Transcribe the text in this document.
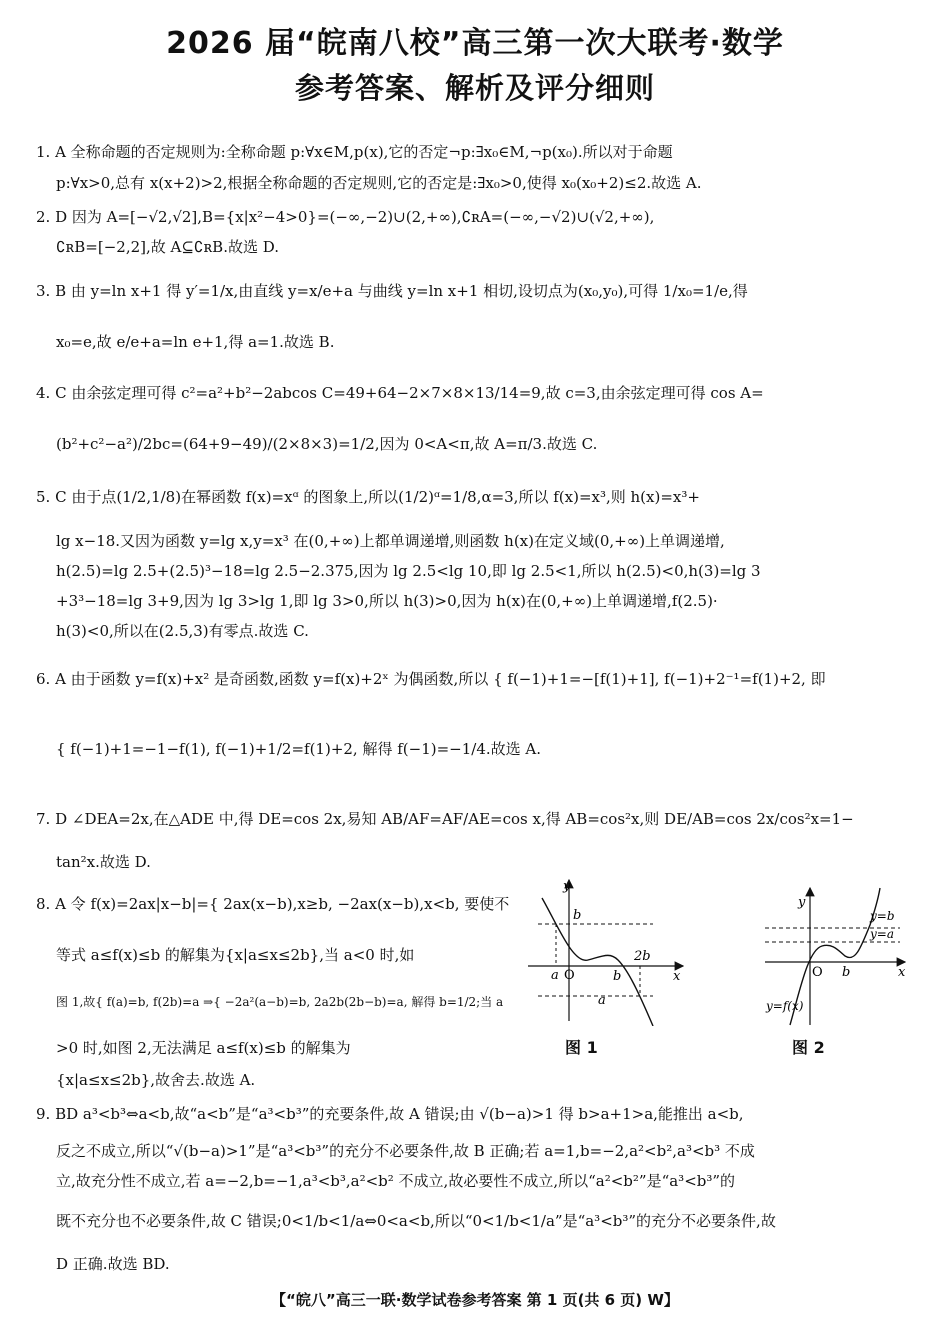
2026 届“皖南八校”高三第一次大联考·数学
参考答案、解析及评分细则
1. A 全称命题的否定规则为:全称命题 p:∀x∈M,p(x),它的否定¬p:∃x₀∈M,¬p(x₀).所以对于命题
p:∀x>0,总有 x(x+2)>2,根据全称命题的否定规则,它的否定是:∃x₀>0,使得 x₀(x₀+2)≤2.故选 A.
2. D 因为 A=[−√2,√2],B={x|x²−4>0}=(−∞,−2)∪(2,+∞),∁ʀA=(−∞,−√2)∪(√2,+∞),
∁ʀB=[−2,2],故 A⊆∁ʀB.故选 D.
3. B 由 y=ln x+1 得 y′=1/x,由直线 y=x/e+a 与曲线 y=ln x+1 相切,设切点为(x₀,y₀),可得 1/x₀=1/e,得
x₀=e,故 e/e+a=ln e+1,得 a=1.故选 B.
4. C 由余弦定理可得 c²=a²+b²−2abcos C=49+64−2×7×8×13/14=9,故 c=3,由余弦定理可得 cos A=
(b²+c²−a²)/2bc=(64+9−49)/(2×8×3)=1/2,因为 0<A<π,故 A=π/3.故选 C.
5. C 由于点(1/2,1/8)在幂函数 f(x)=xᵅ 的图象上,所以(1/2)ᵅ=1/8,α=3,所以 f(x)=x³,则 h(x)=x³+
lg x−18.又因为函数 y=lg x,y=x³ 在(0,+∞)上都单调递增,则函数 h(x)在定义域(0,+∞)上单调递增,
h(2.5)=lg 2.5+(2.5)³−18=lg 2.5−2.375,因为 lg 2.5<lg 10,即 lg 2.5<1,所以 h(2.5)<0,h(3)=lg 3
+3³−18=lg 3+9,因为 lg 3>lg 1,即 lg 3>0,所以 h(3)>0,因为 h(x)在(0,+∞)上单调递增,f(2.5)·
h(3)<0,所以在(2.5,3)有零点.故选 C.
6. A 由于函数 y=f(x)+x² 是奇函数,函数 y=f(x)+2ˣ 为偶函数,所以 { f(−1)+1=−[f(1)+1], f(−1)+2⁻¹=f(1)+2, 即
{ f(−1)+1=−1−f(1), f(−1)+1/2=f(1)+2, 解得 f(−1)=−1/4.故选 A.
7. D ∠DEA=2x,在△ADE 中,得 DE=cos 2x,易知 AB/AF=AF/AE=cos x,得 AB=cos²x,则 DE/AB=cos 2x/cos²x=1−
tan²x.故选 D.
8. A 令 f(x)=2ax|x−b|={ 2ax(x−b),x≥b, −2ax(x−b),x<b, 要使不
等式 a≤f(x)≤b 的解集为{x|a≤x≤2b},当 a<0 时,如
图 1,故{ f(a)=b, f(2b)=a ⇒{ −2a²(a−b)=b, 2a2b(2b−b)=a, 解得 b=1/2;当 a
>0 时,如图 2,无法满足 a≤f(x)≤b 的解集为
{x|a≤x≤2b},故舍去.故选 A.
9. BD a³<b³⇔a<b,故“a<b”是“a³<b³”的充要条件,故 A 错误;由 √(b−a)>1 得 b>a+1>a,能推出 a<b,
反之不成立,所以“√(b−a)>1”是“a³<b³”的充分不必要条件,故 B 正确;若 a=1,b=−2,a²<b²,a³<b³ 不成
立,故充分性不成立,若 a=−2,b=−1,a³<b³,a²<b² 不成立,故必要性不成立,所以“a²<b²”是“a³<b³”的
既不充分也不必要条件,故 C 错误;0<1/b<1/a⇔0<a<b,所以“0<1/b<1/a”是“a³<b³”的充分不必要条件,故
D 正确.故选 BD.
y
x
O
b
a	b
2b
a
图 1
y
x
O b
y=b
y=a
y=f(x)
图 2
【“皖八”高三一联·数学试卷参考答案 第 1 页(共 6 页) W】
